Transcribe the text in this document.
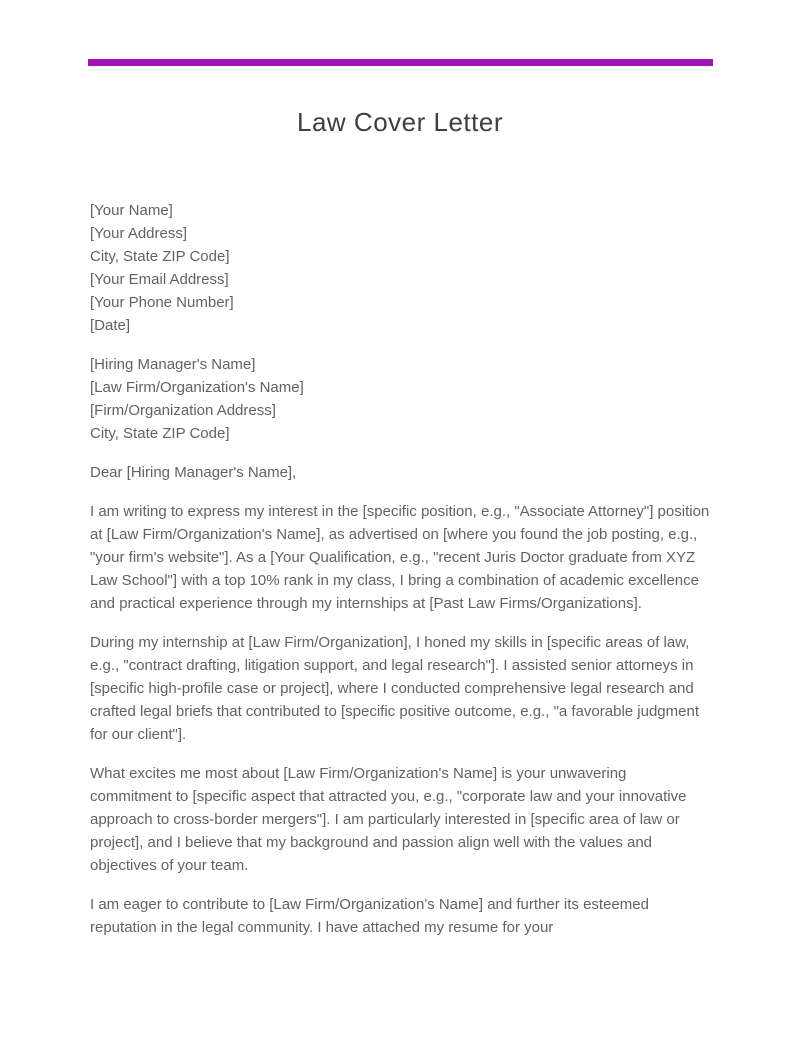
Law Cover Letter

[Your Name]
[Your Address]
City, State ZIP Code]
[Your Email Address]
[Your Phone Number]
[Date]

[Hiring Manager's Name]
[Law Firm/Organization's Name]
[Firm/Organization Address]
City, State ZIP Code]

Dear [Hiring Manager's Name],

I am writing to express my interest in the [specific position, e.g., "Associate Attorney"] position at [Law Firm/Organization's Name], as advertised on [where you found the job posting, e.g., "your firm's website"]. As a [Your Qualification, e.g., "recent Juris Doctor graduate from XYZ Law School"] with a top 10% rank in my class, I bring a combination of academic excellence and practical experience through my internships at [Past Law Firms/Organizations].

During my internship at [Law Firm/Organization], I honed my skills in [specific areas of law, e.g., "contract drafting, litigation support, and legal research"]. I assisted senior attorneys in [specific high-profile case or project], where I conducted comprehensive legal research and crafted legal briefs that contributed to [specific positive outcome, e.g., "a favorable judgment for our client"].

What excites me most about [Law Firm/Organization's Name] is your unwavering commitment to [specific aspect that attracted you, e.g., "corporate law and your innovative approach to cross-border mergers"]. I am particularly interested in [specific area of law or project], and I believe that my background and passion align well with the values and objectives of your team.

I am eager to contribute to [Law Firm/Organization's Name] and further its esteemed reputation in the legal community. I have attached my resume for your
